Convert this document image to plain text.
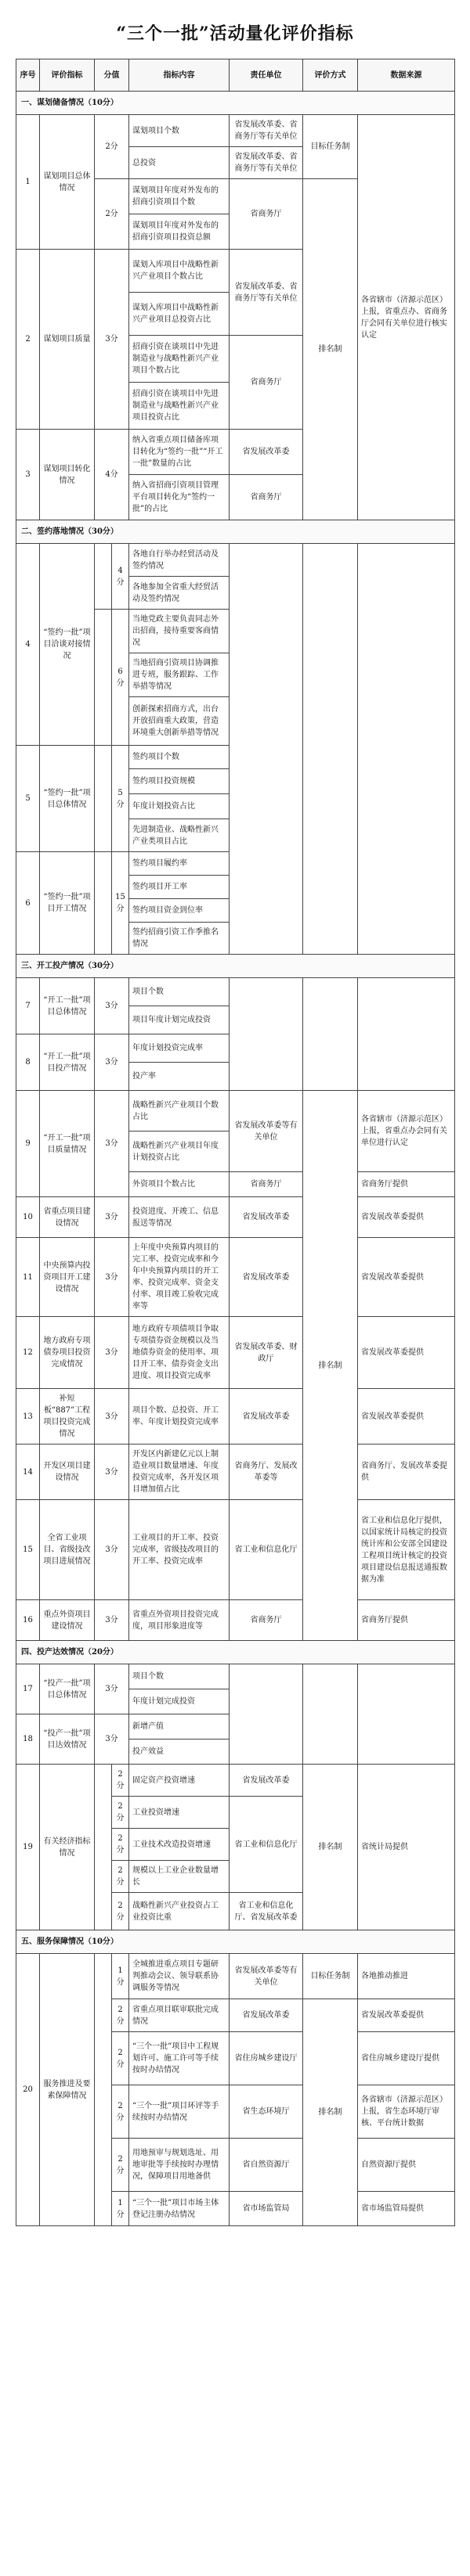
“三个一批”活动量化评价指标
序号	评价指标	分值		指标内容	责任单位	评价方式	数据来源
一、谋划储备情况（10分）							
1	谋划项目总体情况	2分		谋划项目个数	省发展改革委、省商务厅等有关单位	目标任务制	各省辖市（济源示范区）上报，省重点办、省商务厅会同有关单位进行核实认定
				总投资	省发展改革委、省商务厅等有关单位		
		2分		谋划项目年度对外发布的招商引资项目个数	省商务厅	排名制	
				谋划项目年度对外发布的招商引资项目投资总额			
2	谋划项目质量	3分		谋划入库项目中战略性新兴产业项目个数占比	省发展改革委、省商务厅等有关单位		
				谋划入库项目中战略性新兴产业项目总投资占比			
				招商引资在谈项目中先进制造业与战略性新兴产业项目个数占比	省商务厅		
				招商引资在谈项目中先进制造业与战略性新兴产业项目投资占比			
3	谋划项目转化情况	4分		纳入省重点项目储备库项目转化为“签约一批”“开工一批”数量的占比	省发展改革委		
				纳入省招商引资项目管理平台项目转化为“签约一批”的占比	省商务厅		
二、签约落地情况（30分）							
4	“签约一批”项目洽谈对接情况		4分	各地自行举办经贸活动及签约情况			
				各地参加全省重大经贸活动及签约情况			
			6分	当地党政主要负责同志外出招商，接待重要客商情况			
				当地招商引资项目协调推进专班，服务跟踪、工作举措等情况			
				创新探索招商方式，出台开放招商重大政策，营造环境重大创新举措等情况			
5	“签约一批”项目总体情况		5分	签约项目个数			
				签约项目投资规模			
				年度计划投资占比			
				先进制造业、战略性新兴产业类项目占比			
6	“签约一批”项目开工情况		15分	签约项目履约率			
				签约项目开工率			
				签约项目资金到位率			
				签约招商引资工作季推名情况			
三、开工投产情况（30分）							
7	“开工一批”项目总体情况	3分		项目个数			
				项目年度计划完成投资			
8	“开工一批”项目投产情况	3分		年度计划投资完成率			
				投产率			
9	“开工一批”项目质量情况	3分		战略性新兴产业项目个数占比	省发展改革委等有关单位	排名制	各省辖市（济源示范区）上报，省重点办会同有关单位进行认定
				战略性新兴产业项目年度计划投资占比			
				外资项目个数占比	省商务厅		省商务厅提供
10	省重点项目建设情况	3分		投资进度、开竣工、信息报送等情况	省发展改革委		省发展改革委提供
11	中央预算内投资项目开工建设情况	3分		上年度中央预算内项目的完工率、投资完成率和今年中央预算内项目的开工率、投资完成率、资金支付率、项目竣工验收完成率等	省发展改革委		省发展改革委提供
12	地方政府专项债券项目投资完成情况	3分		地方政府专项债项目争取专项债券资金规模以及当地债券资金的使用率、项目开工率、债券资金支出进度、项目投资完成率	省发展改革委、财政厅		省发展改革委提供
13	补短板“887”工程项目投资完成情况	3分		项目个数、总投资、开工率、年度计划投资完成率	省发展改革委		省发展改革委提供
14	开发区项目建设情况	3分		开发区内新建亿元以上制造业项目数量增速、年度投资完成率，各开发区项目增加值占比	省商务厅、发展改革委等		省商务厅、发展改革委提供
15	全省工业项目、省级技改项目进展情况	3分		工业项目的开工率、投资完成率，省级技改项目的开工率、投资完成率	省工业和信息化厅		省工业和信息化厅提供，以国家统计局核定的投资统计库和公安部全国建设工程项目统计核定的投资项目建设信息报送通报数据为准
16	重点外资项目建设情况	3分		省重点外资项目投资完成度，项目形象进度等	省商务厅		省商务厅提供
四、投产达效情况（20分）							
17	“投产一批”项目总体情况	3分		项目个数			
				年度计划完成投资			
18	“投产一批”项目达效情况	3分		新增产值			
				投产效益			
19	有关经济指标情况		2分	固定资产投资增速	省发展改革委	排名制	省统计局提供
			2分	工业投资增速	省工业和信息化厅		
			2分	工业技术改造投资增速			
			2分	规模以上工业企业数量增长			
			2分	战略性新兴产业投资占工业投资比重	省工业和信息化厅、省发展改革委		
五、服务保障情况（10分）							
20	服务推进及要素保障情况		1分	全城推进重点项目专题研判推动会议、领导联系协调服务等情况	省发展改革委等有关单位	目标任务制	各地推动推进
			2分	省重点项目联审联批完成情况	省发展改革委	排名制	省发展改革委提供
			2分	“三个一批”项目中工程规划许可、施工许可等手续按时办结情况	省住房城乡建设厅		省住房城乡建设厅提供
			2分	“三个一批”项目环评等手续按时办结情况	省生态环境厅		各省辖市（济源示范区）上报，省生态环境厅审核、平台统计数据
			2分	用地预审与规划选址、用地审批等手续按时办理情况，保障项目用地备供	省自然资源厅		自然资源厅提供
			1分	“三个一批”项目市场主体登记注册办结情况	省市场监管局		省市场监管局提供
